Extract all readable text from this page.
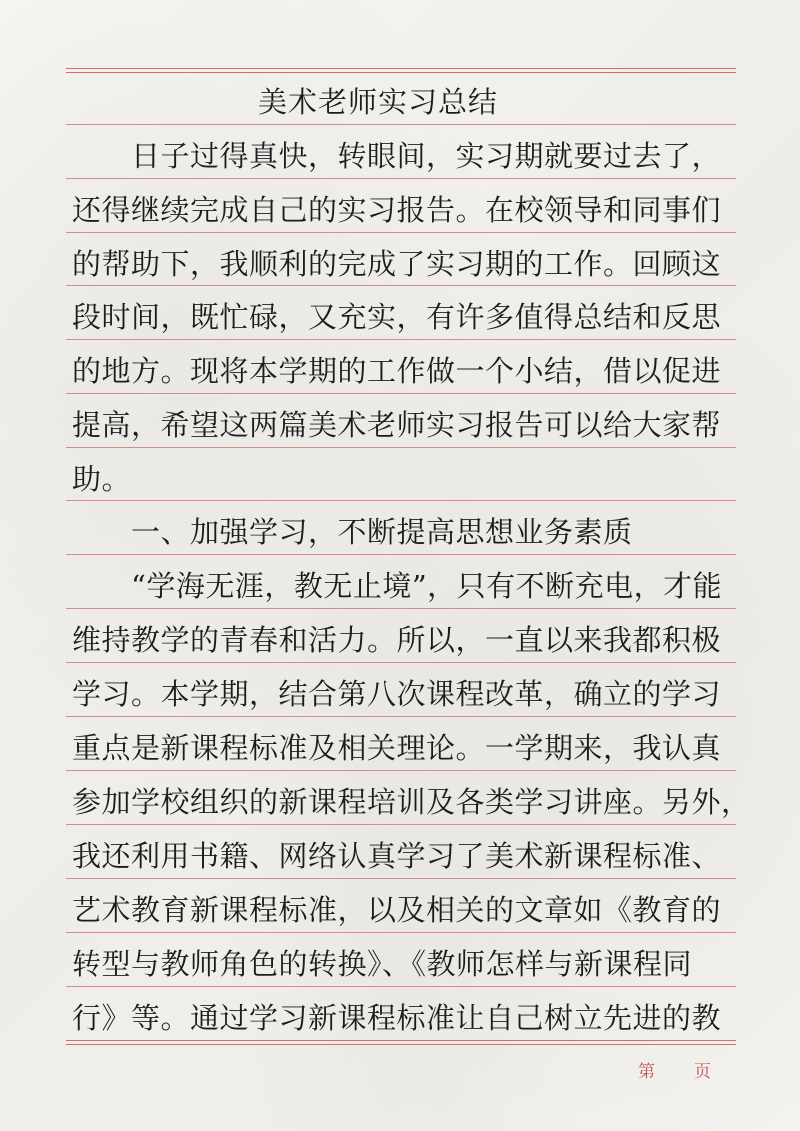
美术老师实习总结
　　日子过得真快，转眼间，实习期就要过去了，
还得继续完成自己的实习报告。在校领导和同事们
的帮助下，我顺利的完成了实习期的工作。回顾这
段时间，既忙碌，又充实，有许多值得总结和反思
的地方。现将本学期的工作做一个小结，借以促进
提高，希望这两篇美术老师实习报告可以给大家帮
助。
　　一、加强学习，不断提高思想业务素质
　　“学海无涯，教无止境”，只有不断充电，才能
维持教学的青春和活力。所以，一直以来我都积极
学习。本学期，结合第八次课程改革，确立的学习
重点是新课程标准及相关理论。一学期来，我认真
参加学校组织的新课程培训及各类学习讲座。另外，
我还利用书籍、网络认真学习了美术新课程标准、
艺术教育新课程标准，以及相关的文章如《教育的
转型与教师角色的转换》、《教师怎样与新课程同
行》等。通过学习新课程标准让自己树立先进的教
第 页
